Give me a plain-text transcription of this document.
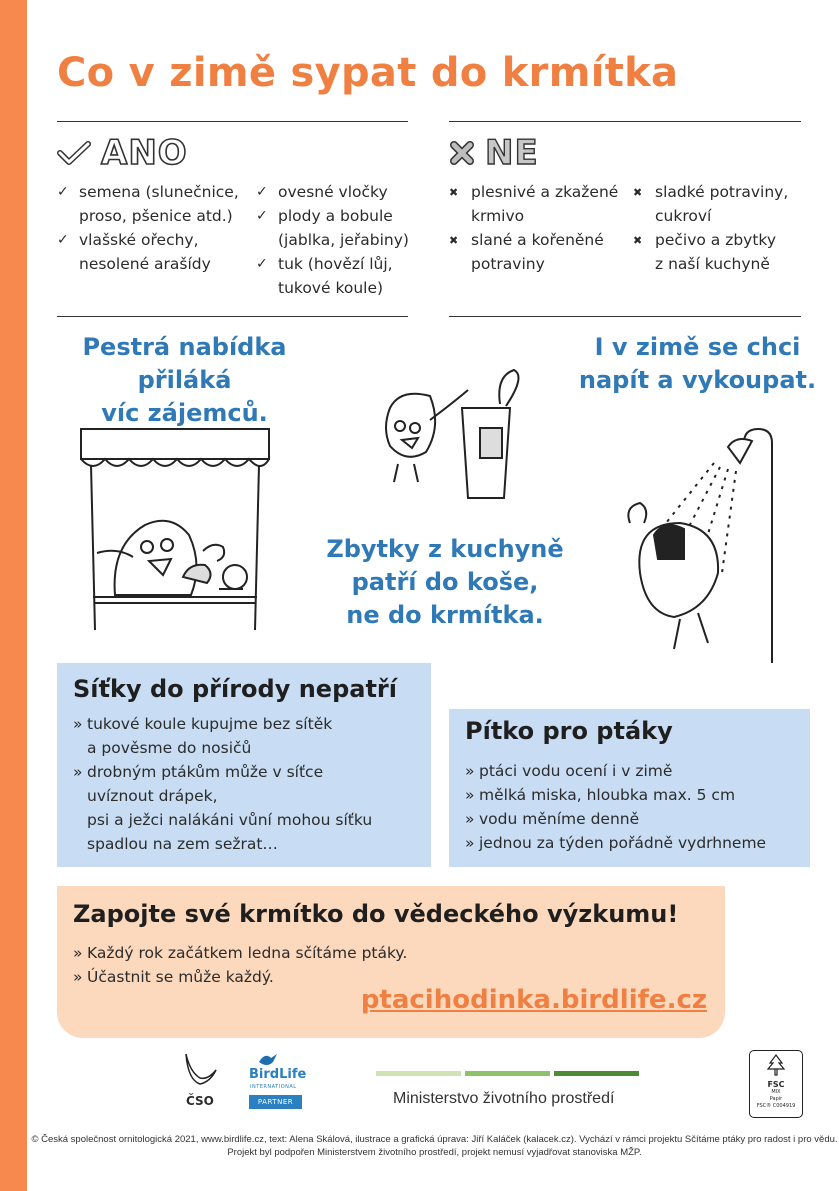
Co v zimě sypat do krmítka
ANO	NE
✓ semena (slunečnice,
proso, pšenice atd.)
✓ vlašské ořechy,
nesolené arašídy
✓ ovesné vločky
✓ plody a bobule
(jablka, jeřabiny)
✓ tuk (hovězí lůj,
tukové koule)
✖ plesnivé a zkažené
krmivo
✖ slané a kořeněné
potraviny
✖ sladké potraviny,
cukroví
✖ pečivo a zbytky
z naší kuchyně

Pestrá nabídka
přiláká
víc zájemců.

Zbytky z kuchyně
patří do koše,
ne do krmítka.

I v zimě se chci
napít a vykoupat.

Síťky do přírody nepatří
» tukové koule kupujme bez sítěk
a pověsme do nosičů
» drobným ptákům může v síťce
uvíznout drápek,
psi a ježci nalákáni vůní mohou síťku
spadlou na zem sežrat…
Pítko pro ptáky
» ptáci vodu ocení i v zimě
» mělká miska, hloubka max. 5 cm
» vodu měníme denně
» jednou za týden pořádně vydrhneme
Zapojte své krmítko do vědeckého výzkumu!
» Každý rok začátkem ledna sčítáme ptáky.
» Účastnit se může každý.
ptacihodinka.birdlife.cz
ČSO
BirdLife
INTERNATIONAL
PARTNER	Ministerstvo životního prostředí
FSC
MIX
Papír
FSC® C004919
© Česká společnost ornitologická 2021, www.birdlife.cz, text: Alena Skálová, ilustrace a grafická úprava: Jiří Kaláček (kalacek.cz). Vychází v rámci projektu Sčítáme ptáky pro radost i pro vědu.
Projekt byl podpořen Ministerstvem životního prostředí, projekt nemusí vyjadřovat stanoviska MŽP.
